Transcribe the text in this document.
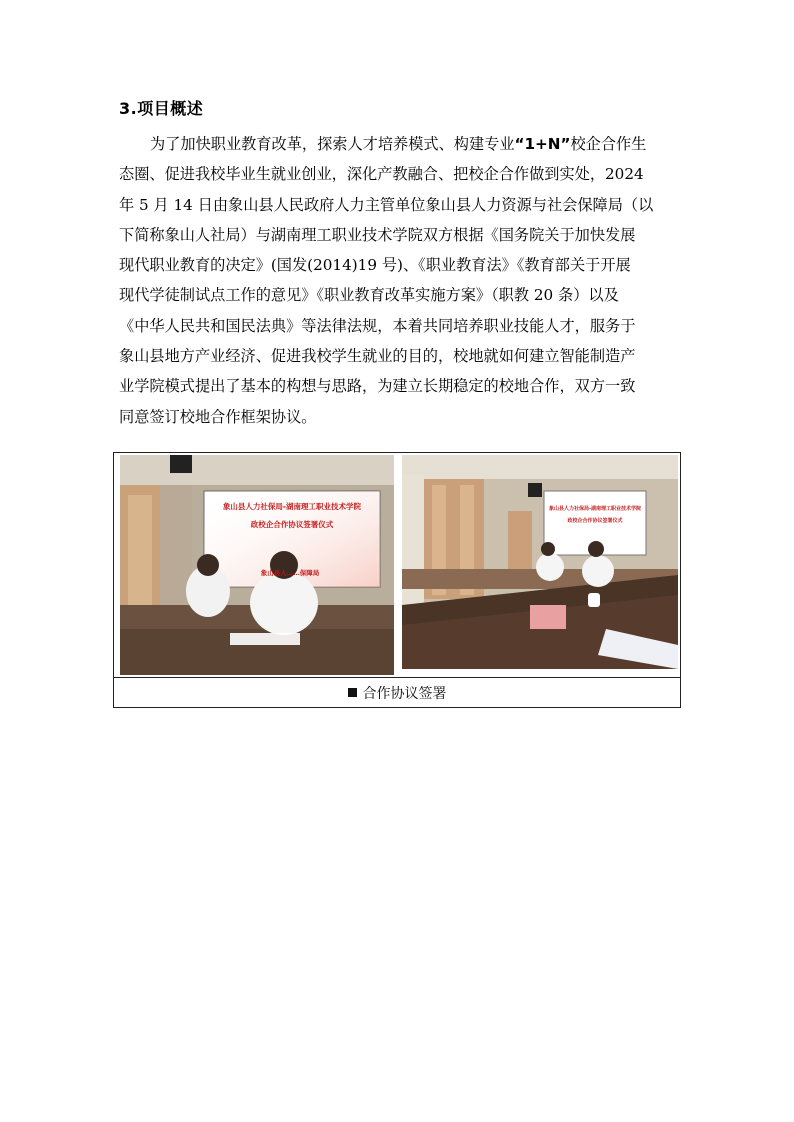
3.项目概述
为了加快职业教育改革，探索人才培养模式、构建专业“1+N”校企合作生
态圈、促进我校毕业生就业创业，深化产教融合、把校企合作做到实处，2024
年 5 月 14 日由象山县人民政府人力主管单位象山县人力资源与社会保障局（以
下简称象山人社局）与湖南理工职业技术学院双方根据《国务院关于加快发展
现代职业教育的决定》(国发(2014)19 号)、《职业教育法》《教育部关于开展
现代学徒制试点工作的意见》《职业教育改革实施方案》（职教 20 条）以及
《中华人民共和国民法典》等法律法规，本着共同培养职业技能人才，服务于
象山县地方产业经济、促进我校学生就业的目的，校地就如何建立智能制造产
业学院模式提出了基本的构想与思路，为建立长期稳定的校地合作，双方一致
同意签订校地合作框架协议。
象山县人力社保局-湖南理工职业技术学院
政校企合作协议签署仪式
象山县人……保障局
象山县人力社保局-湖南理工职业技术学院
政校企合作协议签署仪式
合作协议签署
